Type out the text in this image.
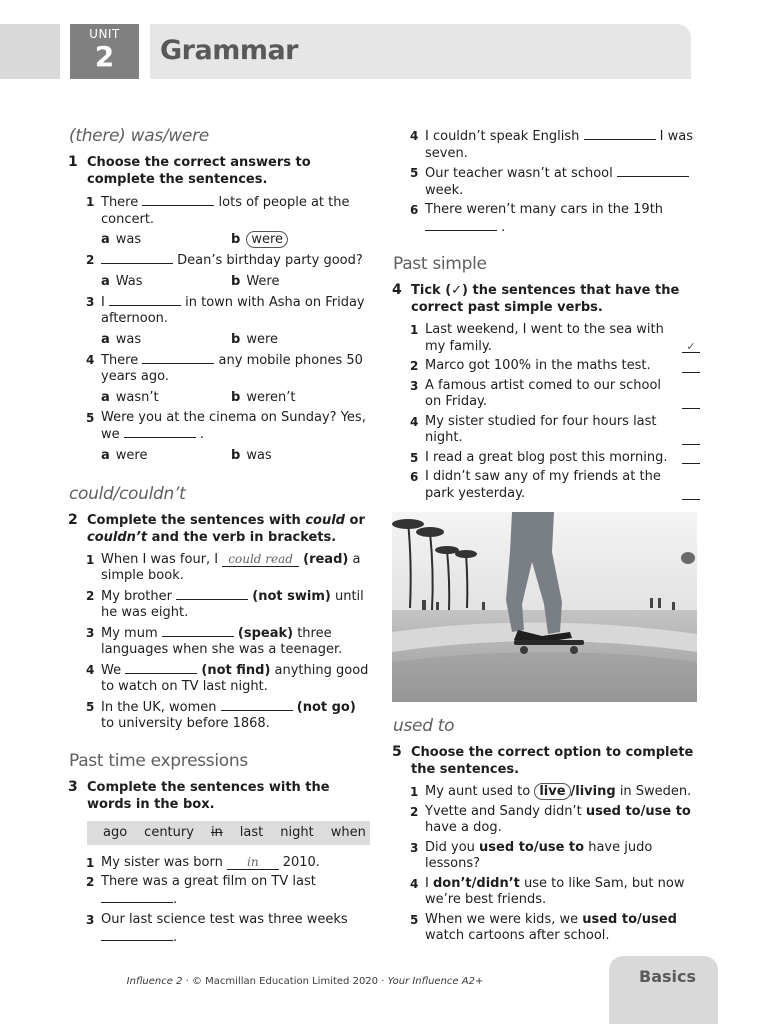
UNIT
2	Grammar
(there) was/were
1 Choose the correct answers to complete the sentences.
1 There	lots of people at the concert.
a was	b were
2	Dean’s birthday party good?
a Was	b Were
3 I	in town with Asha on Friday afternoon.
a was	b were
4 There	any mobile phones 50 years ago.
a wasn’t	b weren’t
5 Were you at the cinema on Sunday? Yes, we	.
a were	b was
could/couldn’t
2 Complete the sentences with could or couldn’t and the verb in brackets.
1 When I was four, I could read (read) a simple book.
2 My brother	(not swim) until he was eight.
3 My mum	(speak) three languages when she was a teenager.
4 We	(not find) anything good to watch on TV last night.
5 In the UK, women	(not go) to university before 1868.
Past time expressions
3 Complete the sentences with the words in the box.
ago century in last night when
1 My sister was born in 2010.
2 There was a great film on TV last .
3 Our last science test was three weeks .
4 I couldn’t speak English	I was seven.
5 Our teacher wasn’t at school  week.
6 There weren’t many cars in the 19th  .
Past simple
4 Tick (✓) the sentences that have the correct past simple verbs.
1 Last weekend, I went to the sea with my family.	✓
2 Marco got 100% in the maths test.
3 A famous artist comed to our school on Friday.
4 My sister studied for four hours last night.
5 I read a great blog post this morning.
6 I didn’t saw any of my friends at the park yesterday.
used to
5 Choose the correct option to complete the sentences.
1 My aunt used to live /living in Sweden.
2 Yvette and Sandy didn’t used to/use to have a dog.
3 Did you used to/use to have judo lessons?
4 I don’t/didn’t use to like Sam, but now we’re best friends.
5 When we were kids, we used to/used watch cartoons after school.
Influence 2 · © Macmillan Education Limited 2020 · Your Influence A2+	Basics
